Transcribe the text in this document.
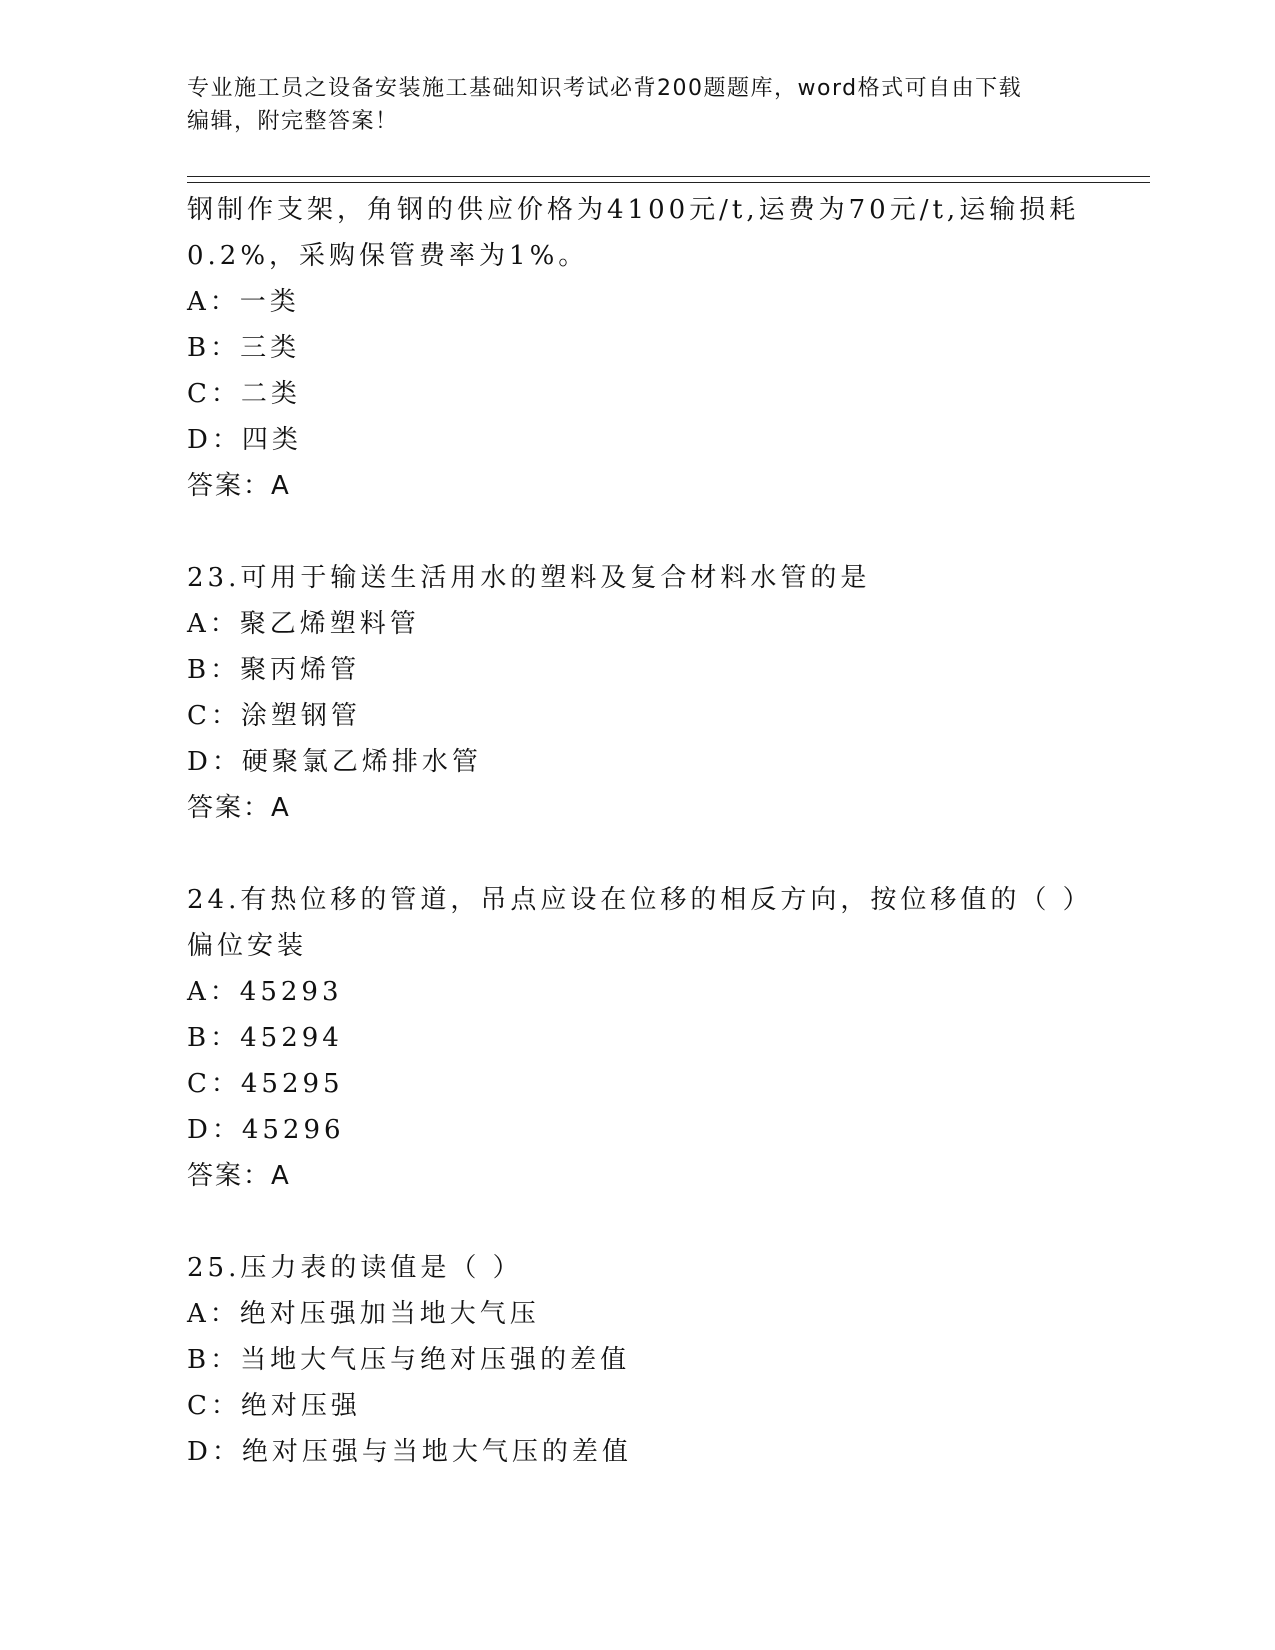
专业施工员之设备安装施工基础知识考试必背200题题库，word格式可自由下载
编辑，附完整答案！
钢制作支架，角钢的供应价格为4100元/t,运费为70元/t,运输损耗
0.2%，采购保管费率为1%。
A：一类
B：三类
C：二类
D：四类
答案：A
23.可用于输送生活用水的塑料及复合材料水管的是
A：聚乙烯塑料管
B：聚丙烯管
C：涂塑钢管
D：硬聚氯乙烯排水管
答案：A
24.有热位移的管道，吊点应设在位移的相反方向，按位移值的（ ）
偏位安装
A：45293
B：45294
C：45295
D：45296
答案：A
25.压力表的读值是（ ）
A：绝对压强加当地大气压
B：当地大气压与绝对压强的差值
C：绝对压强
D：绝对压强与当地大气压的差值
